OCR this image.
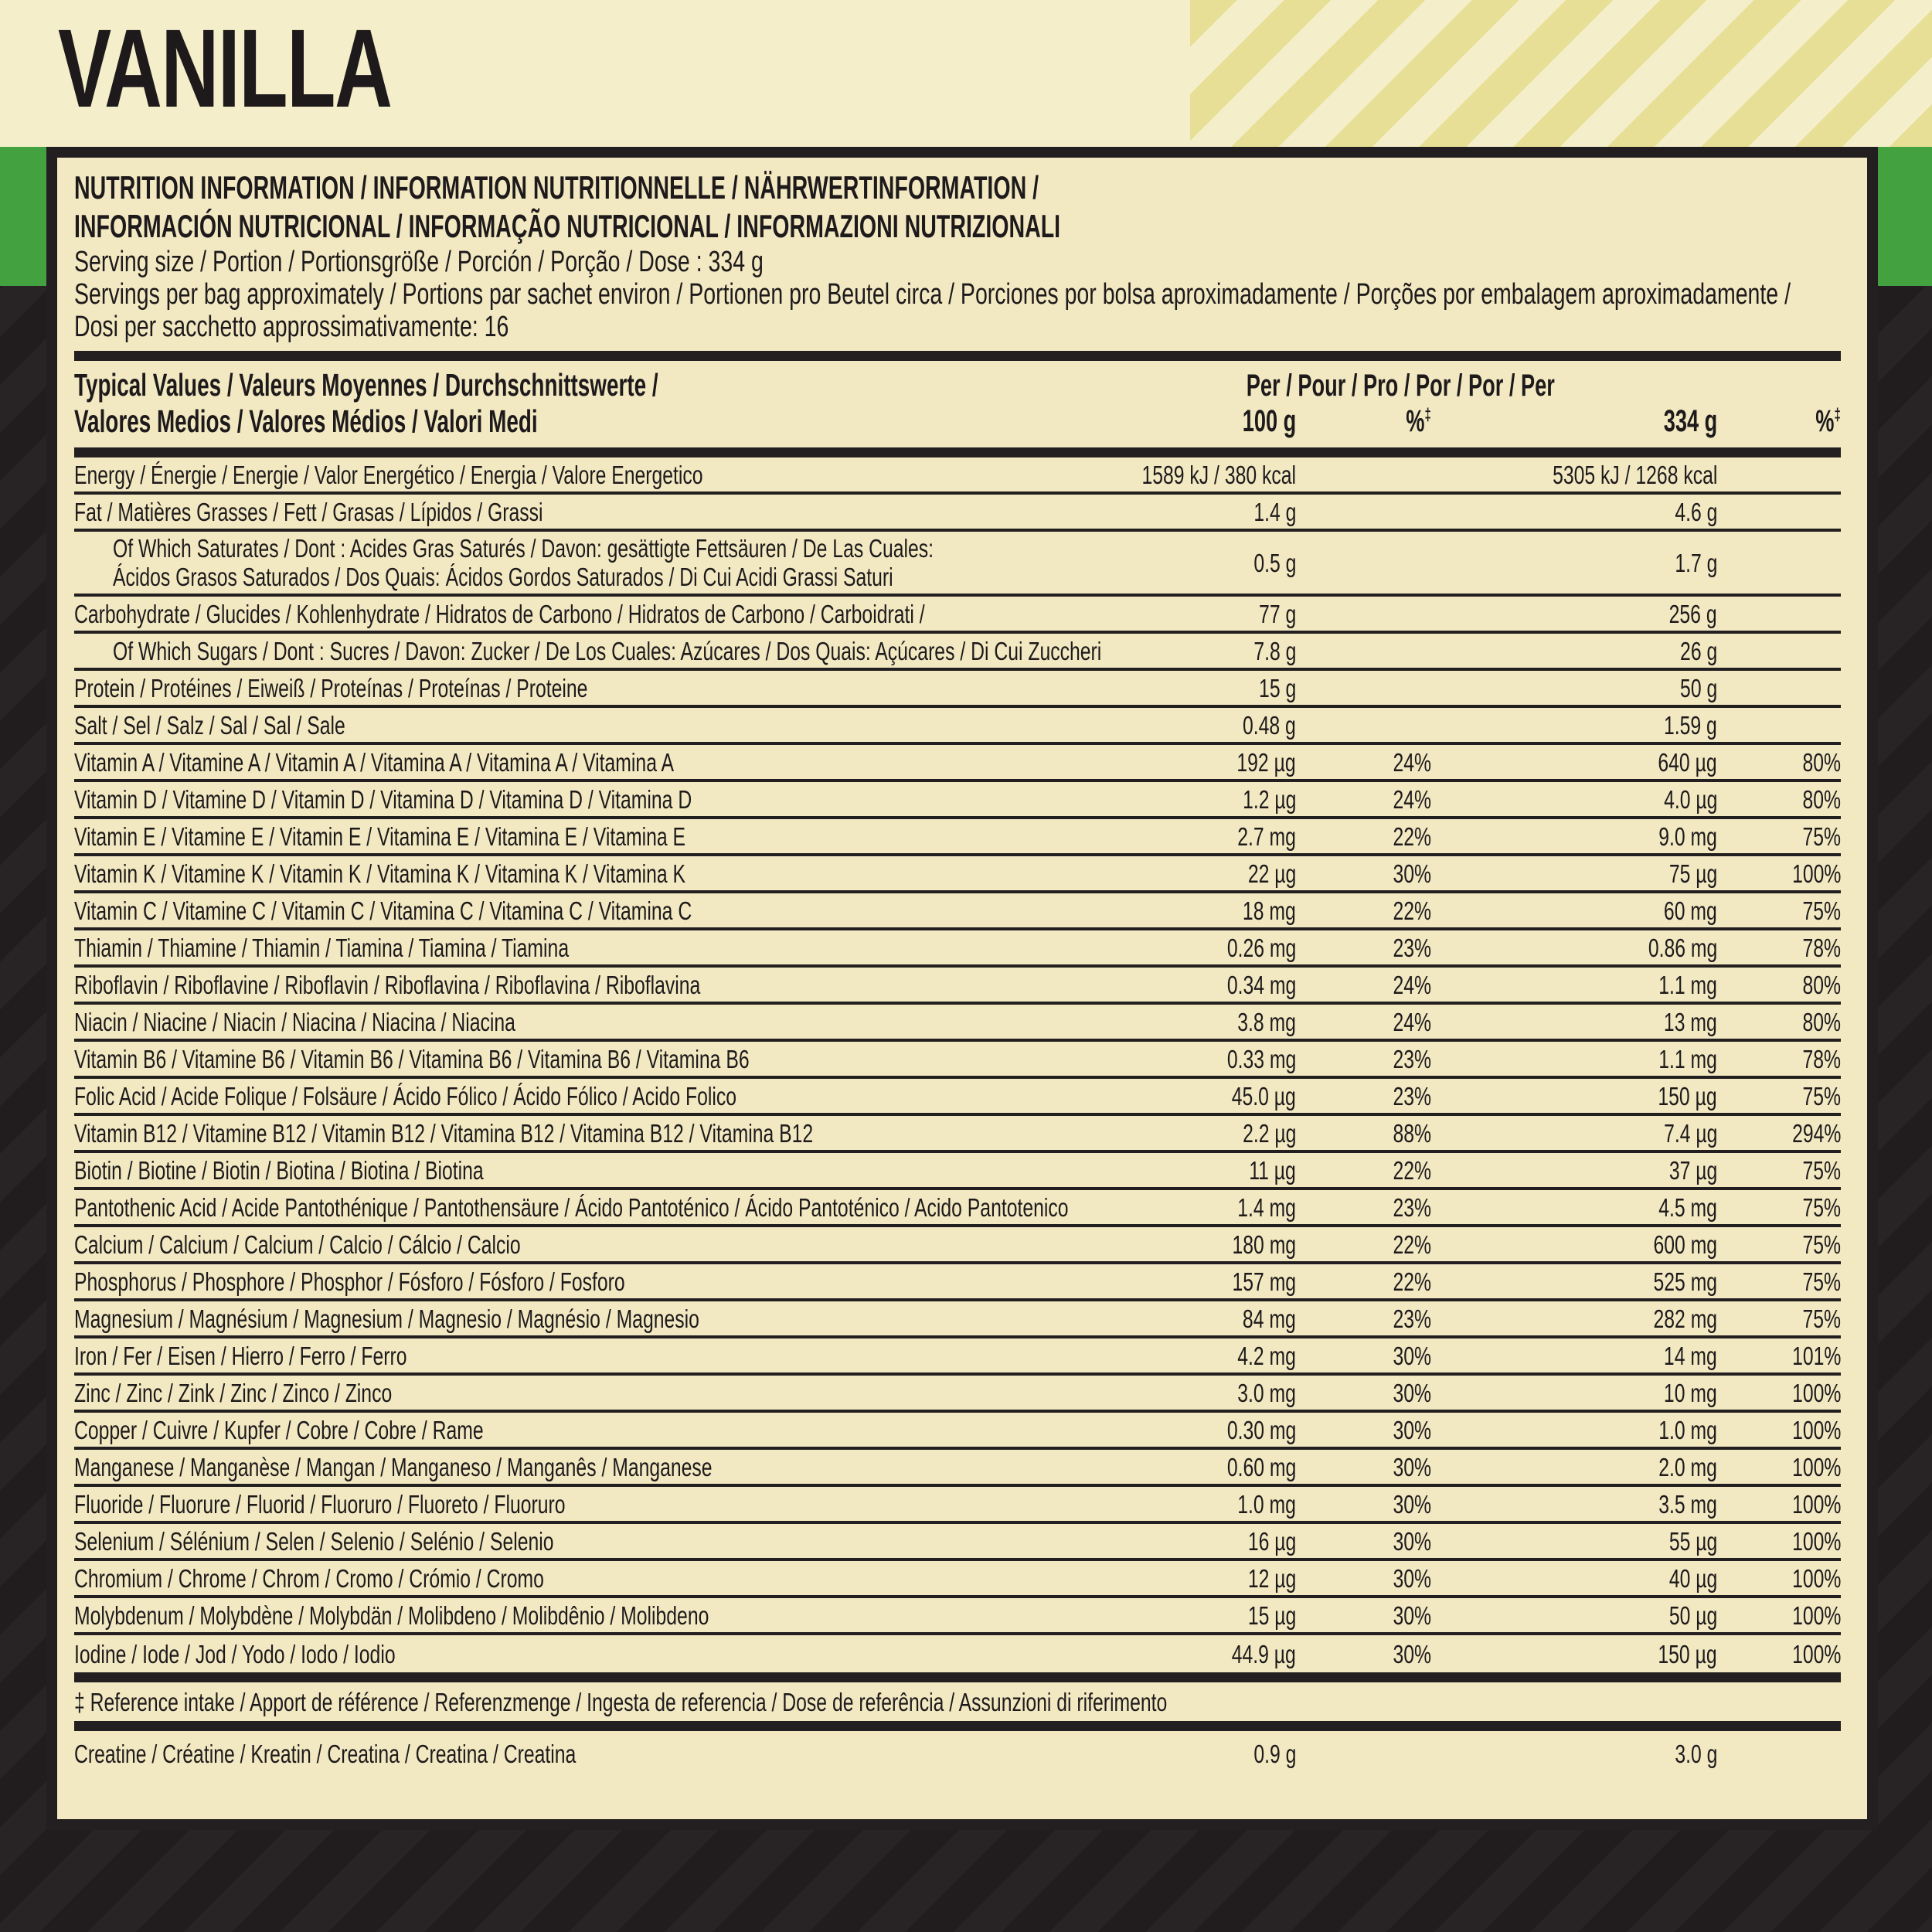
VANILLA
NUTRITION INFORMATION / INFORMATION NUTRITIONNELLE / NÄHRWERTINFORMATION /
INFORMACIÓN NUTRICIONAL / INFORMAÇÃO NUTRICIONAL / INFORMAZIONI NUTRIZIONALI
Serving size / Portion / Portionsgröße / Porción / Porção / Dose : 334 g
Servings per bag approximately / Portions par sachet environ / Portionen pro Beutel circa / Porciones por bolsa aproximadamente / Porções por embalagem aproximadamente /
Dosi per sacchetto approssimativamente: 16
Typical Values / Valeurs Moyennes / Durchschnittswerte /
Valores Medios / Valores Médios / Valori Medi
Per / Pour / Pro / Por / Por / Per
100 g	%‡	334 g	%‡
Energy / Énergie / Energie / Valor Energético / Energia / Valore Energetico	1589 kJ / 380 kcal	5305 kJ / 1268 kcal
Fat / Matières Grasses / Fett / Grasas / Lípidos / Grassi	1.4 g	4.6 g
Of Which Saturates / Dont : Acides Gras Saturés / Davon: gesättigte Fettsäuren / De Las Cuales:
Ácidos Grasos Saturados / Dos Quais: Ácidos Gordos Saturados / Di Cui Acidi Grassi Saturi	0.5 g	1.7 g
Carbohydrate / Glucides / Kohlenhydrate / Hidratos de Carbono / Hidratos de Carbono / Carboidrati /	77 g	256 g
Of Which Sugars / Dont : Sucres / Davon: Zucker / De Los Cuales: Azúcares / Dos Quais: Açúcares / Di Cui Zuccheri	7.8 g	26 g
Protein / Protéines / Eiweiß / Proteínas / Proteínas / Proteine	15 g	50 g
Salt / Sel / Salz / Sal / Sal / Sale	0.48 g	1.59 g
Vitamin A / Vitamine A / Vitamin A / Vitamina A / Vitamina A / Vitamina A	192 µg	24%	640 µg	80%
Vitamin D / Vitamine D / Vitamin D / Vitamina D / Vitamina D / Vitamina D	1.2 µg	24%	4.0 µg	80%
Vitamin E / Vitamine E / Vitamin E / Vitamina E / Vitamina E / Vitamina E	2.7 mg	22%	9.0 mg	75%
Vitamin K / Vitamine K / Vitamin K / Vitamina K / Vitamina K / Vitamina K	22 µg	30%	75 µg	100%
Vitamin C / Vitamine C / Vitamin C / Vitamina C / Vitamina C / Vitamina C	18 mg	22%	60 mg	75%
Thiamin / Thiamine / Thiamin / Tiamina / Tiamina / Tiamina	0.26 mg	23%	0.86 mg	78%
Riboflavin / Riboflavine / Riboflavin / Riboflavina / Riboflavina / Riboflavina	0.34 mg	24%	1.1 mg	80%
Niacin / Niacine / Niacin / Niacina / Niacina / Niacina	3.8 mg	24%	13 mg	80%
Vitamin B6 / Vitamine B6 / Vitamin B6 / Vitamina B6 / Vitamina B6 / Vitamina B6	0.33 mg	23%	1.1 mg	78%
Folic Acid / Acide Folique / Folsäure / Ácido Fólico / Ácido Fólico / Acido Folico	45.0 µg	23%	150 µg	75%
Vitamin B12 / Vitamine B12 / Vitamin B12 / Vitamina B12 / Vitamina B12 / Vitamina B12	2.2 µg	88%	7.4 µg	294%
Biotin / Biotine / Biotin / Biotina / Biotina / Biotina	11 µg	22%	37 µg	75%
Pantothenic Acid / Acide Pantothénique / Pantothensäure / Ácido Pantoténico / Ácido Pantoténico / Acido Pantotenico	1.4 mg	23%	4.5 mg	75%
Calcium / Calcium / Calcium / Calcio / Cálcio / Calcio	180 mg	22%	600 mg	75%
Phosphorus / Phosphore / Phosphor / Fósforo / Fósforo / Fosforo	157 mg	22%	525 mg	75%
Magnesium / Magnésium / Magnesium / Magnesio / Magnésio / Magnesio	84 mg	23%	282 mg	75%
Iron / Fer / Eisen / Hierro / Ferro / Ferro	4.2 mg	30%	14 mg	101%
Zinc / Zinc / Zink / Zinc / Zinco / Zinco	3.0 mg	30%	10 mg	100%
Copper / Cuivre / Kupfer / Cobre / Cobre / Rame	0.30 mg	30%	1.0 mg	100%
Manganese / Manganèse / Mangan / Manganeso / Manganês / Manganese	0.60 mg	30%	2.0 mg	100%
Fluoride / Fluorure / Fluorid / Fluoruro / Fluoreto / Fluoruro	1.0 mg	30%	3.5 mg	100%
Selenium / Sélénium / Selen / Selenio / Selénio / Selenio	16 µg	30%	55 µg	100%
Chromium / Chrome / Chrom / Cromo / Crómio / Cromo	12 µg	30%	40 µg	100%
Molybdenum / Molybdène / Molybdän / Molibdeno / Molibdênio / Molibdeno	15 µg	30%	50 µg	100%
Iodine / Iode / Jod / Yodo / Iodo / Iodio	44.9 µg	30%	150 µg	100%
‡ Reference intake / Apport de référence / Referenzmenge / Ingesta de referencia / Dose de referência / Assunzioni di riferimento
Creatine / Créatine / Kreatin / Creatina / Creatina / Creatina	0.9 g	3.0 g
